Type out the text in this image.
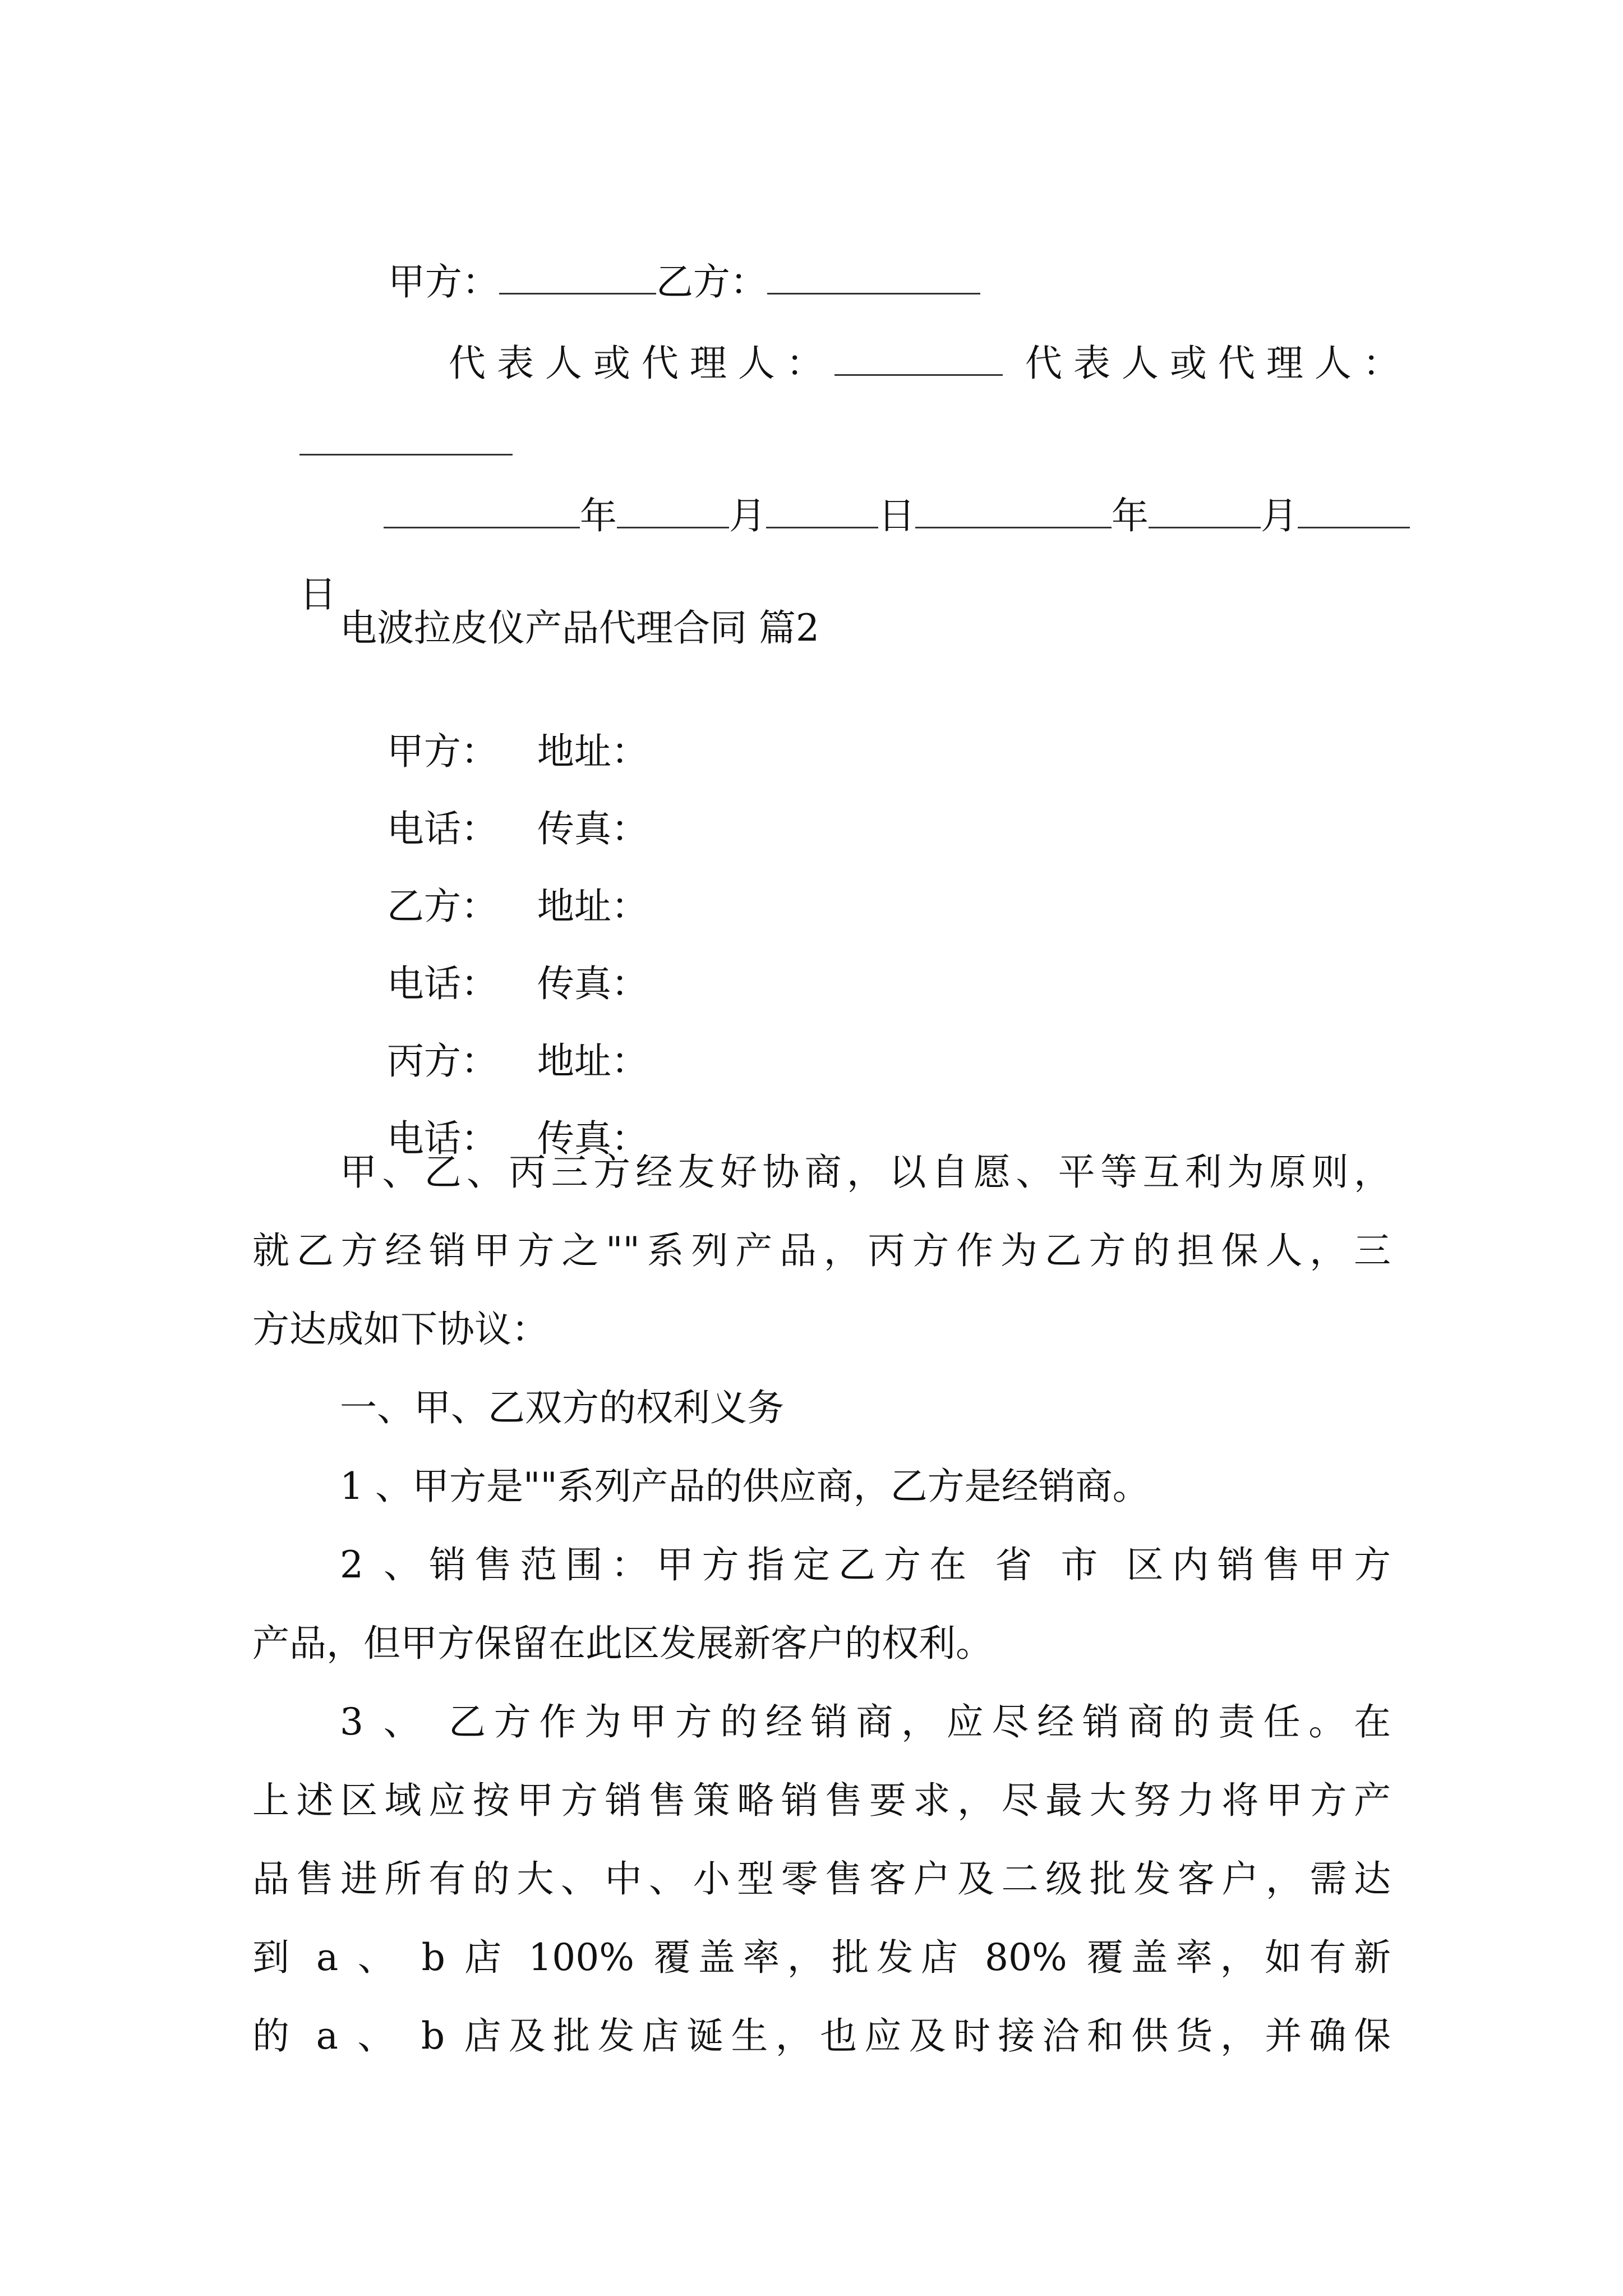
甲方：	乙方：

代表人或代理人：	代表人或代理人：

年	月	日	年	月

日

电波拉皮仪产品代理合同 篇2

甲方： 地址：

电话： 传真：

乙方： 地址：

电话： 传真：

丙方： 地址：

电话： 传真：

甲、乙、丙三方经友好协商，以自愿、平等互利为原则，
就乙方经销甲方之""系列产品，丙方作为乙方的担保人，三
方达成如下协议：
一、甲、乙双方的权利义务
1 、甲方是""系列产品的供应商，乙方是经销商。
2 、销售范围：甲方指定乙方在 省 市 区内销售甲方
产品，但甲方保留在此区发展新客户的权利。
3 、 乙方作为甲方的经销商，应尽经销商的责任。在
上述区域应按甲方销售策略销售要求，尽最大努力将甲方产
品售进所有的大、中、小型零售客户及二级批发客户，需达
到 a 、 b 店 100% 覆盖率，批发店 80% 覆盖率，如有新
的 a 、 b 店及批发店诞生，也应及时接洽和供货，并确保
